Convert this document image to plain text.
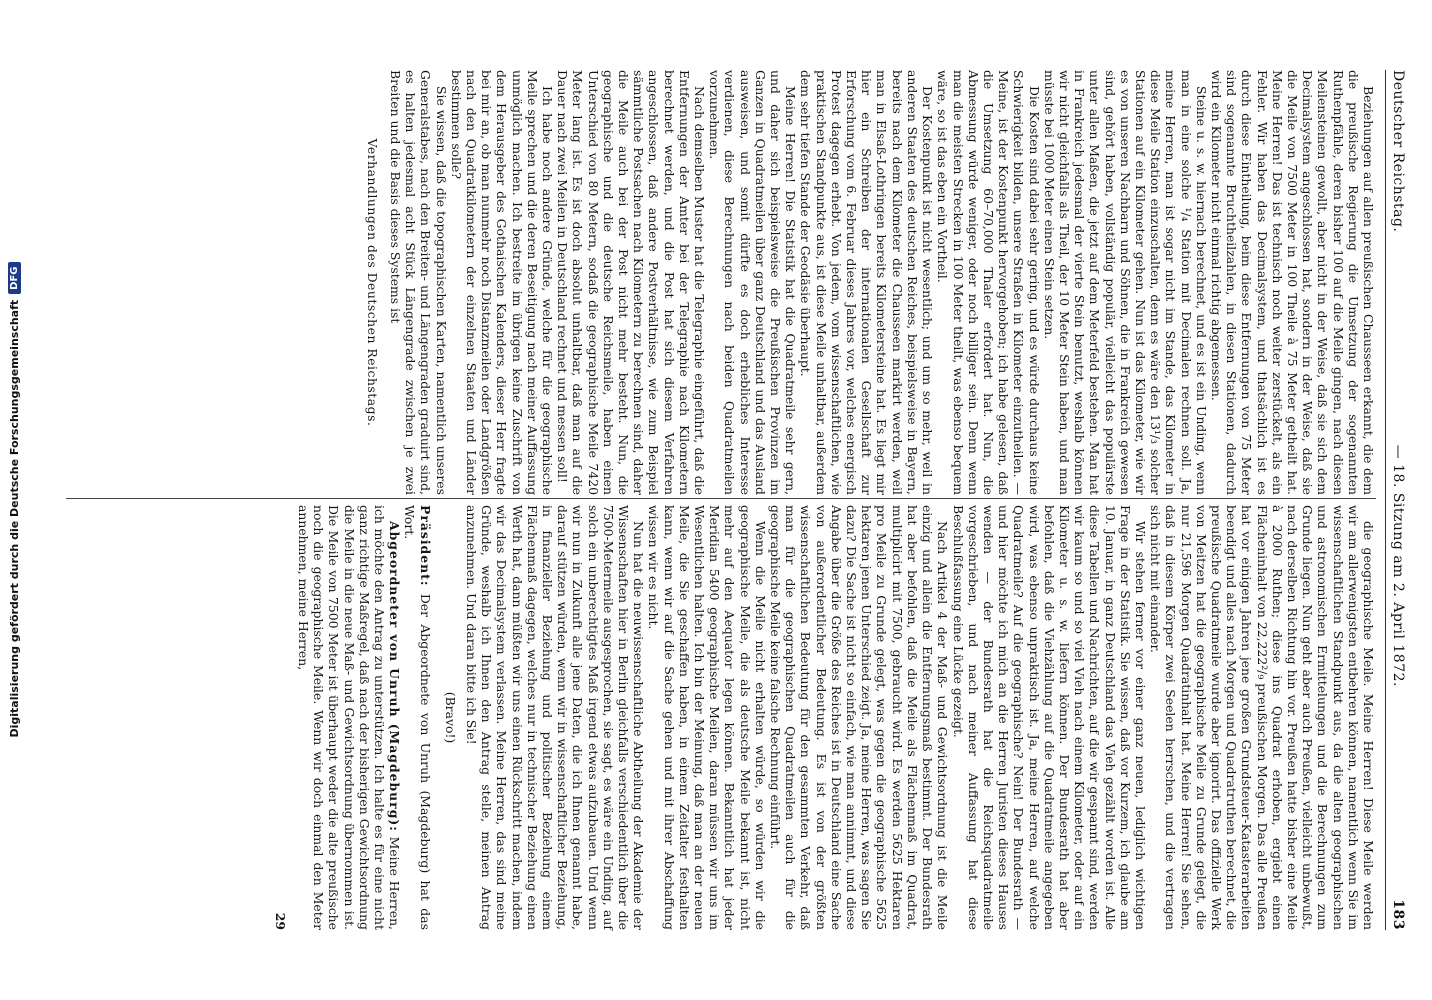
Deutscher Reichstag.
— 18. Sitzung am 2. April 1872.
183

Beziehungen auf allen preußischen Chausseen erkannt, die dem die preußische Regierung die Umsetzung der sogenannten Ruthenpfähle, deren bisher 100 auf die Meile gingen, nach diesen Meilensteinen gewollt, aber nicht in der Weise, daß sie sich dem Decimalsystem angeschlossen hat, sondern in der Weise, daß sie die Meile von 7500 Meter in 100 Theile à 75 Meter getheilt hat. Meine Herren! Das ist technisch noch weiter zerstückelt, als ein Fehler. Wir haben das Decimalsystem, und thatsächlich ist es durch diese Eintheilung, beim diese Entfernungen von 75 Meter sind sogenannte Bruchtheilzahlen, in diesen Stationen, dadurch wird ein Kilometer nicht einmal richtig abgemessen.

Steine u. s. w. hiernach berechnet, und es ist ein Unding, wenn man in eine solche ¹/₄ Station mit Decimalen rechnen soll. Ja, meine Herren, man ist sogar nicht im Stande, das Kilometer in diese Meile Station einzuschalten, denn es wäre den 13¹/₃ solcher Stationen auf ein Kilometer gehen. Nun ist das Kilometer, wie wir es von unseren Nachbarn und Söhnen, die in Frankreich gewesen sind, gehört haben, vollständig populär, vielleicht das populärste unter allen Maßen, die jetzt auf dem Meterfeld bestehen. Man hat in Frankreich jedesmal der vierte Stein benutzt, weshalb können wir nicht gleichfalls als Theil, der 10 Meter Stein haben, und man müsste bei 1000 Meter einen Stein setzen.

Die Kosten sind dabei sehr gering, und es würde durchaus keine Schwierigkeit bilden, unsere Straßen in Kilometer einzutheilen. — Meine, ist der Kostenpunkt hervorgehoben; ich habe gelesen, daß die Umsetzung 60–70,000 Thaler erfordert hat. Nun, die Abmessung würde weniger, oder noch billiger sein. Denn wenn man die meisten Strecken in 100 Meter theilt, was ebenso bequem wäre, so ist das eben ein Vortheil.

Der Kostenpunkt ist nicht wesentlich; und um so mehr, weil in anderen Staaten des deutschen Reiches, beispielsweise in Bayern, bereits nach dem Kilometer die Chausseen markirt werden, weil man in Elsaß-Lothringen bereits Kilometersteine hat. Es liegt mir hier ein Schreiben der internationalen Gesellschaft zur Erforschung vom 6. Februar dieses Jahres vor, welches energisch Protest dagegen erhebt. Von jedem, vom wissenschaftlichen, wie praktischen Standpunkte aus, ist diese Meile unhaltbar, außerdem dem sehr tiefen Stande der Geodäsie überhaupt.

Meine Herren! Die Statistik hat die Quadratmeile sehr gern, und daher sich beispielsweise die Preußischen Provinzen im Ganzen in Quadratmeilen über ganz Deutschland und das Ausland ausweisen, und somit dürfte es doch erhebliches Interesse verdienen, diese Berechnungen nach beiden Quadratmeilen vorzunehmen.

Nach demselben Muster hat die Telegraphie eingeführt, daß die Entfernungen der Amter bei der Telegraphie nach Kilometern berechnet werden, und die Post hat sich diesem Verfahren angeschlossen, daß andere Postverhältnisse, wie zum Beispiel sämmtliche Postsachen nach Kilometern zu berechnen sind, daher die Meile auch bei der Post nicht mehr besteht. Nun, die geographische und die deutsche Reichsmeile, haben einen Unterschied von 80 Metern, sodaß die geographische Meile 7420 Meter lang ist. Es ist doch absolut unhaltbar, daß man auf die Dauer nach zwei Meilen in Deutschland rechnet und messen soll!

Ich habe noch andere Gründe, welche für die geographische Meile sprechen und die deren Beseitigung nach meiner Auffassung unmöglich machen. Ich bestreite im übrigen keine Zuschrift von dem Herausgeber des Gothaischen Kalenders, dieser Herr fragte bei mir an, ob man nunmehr noch Distanzmeilen oder Landgrößen nach den Quadratkilometern der einzelnen Staaten und Länder bestimmen solle?

Sie wissen, daß die topographischen Karten, namentlich unseres Generalstabes, nach den Breiten- und Längengraden graduirt sind, es halten jedesmal acht Stück Längengrade zwischen je zwei Breiten und die Basis dieses Systems ist

Verhandlungen des Deutschen Reichstags.

die geographische Meile. Meine Herren! Diese Meile werden wir am allerwenigsten entbehren können, namentlich wenn Sie im wissenschaftlichen Standpunkt aus, da die alten geographischen und astronomischen Ermittelungen und die Berechnungen zum Grunde liegen. Nun geht aber auch Preußen, vielleicht unbewußt, nach derselben Richtung hin vor. Preußen hatte bisher eine Meile à 2000 Ruthen; diese ins Quadrat erhoben, ergiebt einen Flächeninhalt von 22,222²/₉ preußischen Morgen. Das alle Preußen hat vor einigen Jahren jene großen Grundsteuer-Katasterarbeiten beendigt und alles nach Morgen und Quadratruthen berechnet, die preußische Quadratmeile wurde aber ignorirt. Das offizielle Werk von Meitzen hat die geographische Meile zu Grunde gelegt, die nur 21,596 Morgen Quadratinhalt hat. Meine Herren! Sie sehen, daß in diesem Körper zwei Seelen herrschen, und die vertragen sich nicht mit einander.

Wir stehen ferner vor einer ganz neuen, lediglich wichtigen Frage in der Statistik. Sie wissen, daß vor Kurzem, ich glaube am 10. Januar, in ganz Deutschland das Vieh gezählt worden ist. Alle diese Tabellen und Nachrichten, auf die wir gespannt sind, werden wir kaum so und so viel Vieh nach einem Kilometer, oder auf ein Kilometer u. s. w. liefern können. Der Bundesrath hat aber befohlen, daß die Viehzählung auf die Quadratmeile angegeben wird, was ebenso unpraktisch ist. Ja, meine Herren, auf welche Quadratmeile? Auf die geographische? Nein! Der Bundesrath — und hier möchte ich mich an die Herren Juristen dieses Hauses wenden — der Bundesrath hat die Reichsquadratmeile vorgeschrieben, und nach meiner Auffassung hat diese Beschlußfassung eine Lücke gezeigt.

Nach Artikel 4 der Maß- und Gewichtsordnung ist die Meile einzig und allein die Entfernungsmaß bestimmt. Der Bundesrath hat aber befohlen, daß die Meile als Flächenmaß im Quadrat, multiplicirt mit 7500, gebraucht wird. Es werden 5625 Hektaren pro Meile zu Grunde gelegt, was gegen die geographische 5625 hektaren jenen Unterschied zeigt. Ja, meine Herren, was sagen Sie dazu? Die Sache ist nicht so einfach, wie man annimmt, und diese Angabe über die Größe des Reiches ist in Deutschland eine Sache von außerordentlicher Bedeutung. Es ist von der größten wissenschaftlichen Bedeutung für den gesammten Verkehr, daß man für die geographischen Quadratmeilen auch für die geographische Meile keine falsche Rechnung einführt.

Wenn die Meile nicht erhalten würde, so würden wir die geographische Meile, die als deutsche Meile bekannt ist, nicht mehr auf den Aequator legen können. Bekanntlich hat jeder Meridian 5400 geographische Meilen, daran müssen wir uns im Wesentlichen halten. Ich bin der Meinung, daß man an der neuen Meile, die Sie geschaffen haben, in einem Zeitalter festhalten kann, wenn wir auf die Sache gehen und mit ihrer Abschaffung wissen wir es nicht.

Nun hat die neuwissenschaftliche Abtheilung der Akademie der Wissenschaften hier in Berlin gleichfalls verschiedentlich über die 7500-Metermeile ausgesprochen, sie sagt, es wäre ein Unding, auf solch ein unberechtigtes Maß irgend etwas aufzubauen. Und wenn wir nun in Zukunft alle jene Daten, die ich Ihnen genannt habe, darauf stützen würden, wenn wir in wissenschaftlicher Beziehung, in finanzieller Beziehung und politischer Beziehung einem Flächenmaß dagegen, welches nur in technischer Beziehung einen Werth hat, dann müßten wir uns einen Rückschritt machen, indem wir das Decimalsystem verlassen. Meine Herren, das sind meine Gründe, weshalb ich Ihnen den Antrag stelle, meinen Antrag anzunehmen. Und daran bitte ich Sie!

(Bravo!)

Präsident: Der Abgeordnete von Unruh (Magdeburg) hat das Wort.

Abgeordneter von Unruh (Magdeburg): Meine Herren, ich möchte den Antrag zu unterstützen. Ich halte es für eine nicht ganz richtige Maßregel, daß nach der bisherigen Gewichtsordnung die Meile in die neue Maß- und Gewichtsordnung übernommen ist. Die Meile von 7500 Meter ist überhaupt weder die alte preußische noch die geographische Meile. Wenn wir doch einmal den Meter annehmen, meine Herren,

29

Digitalisierung gefördert durch die Deutsche Forschungsgemeinschaft
DFG
